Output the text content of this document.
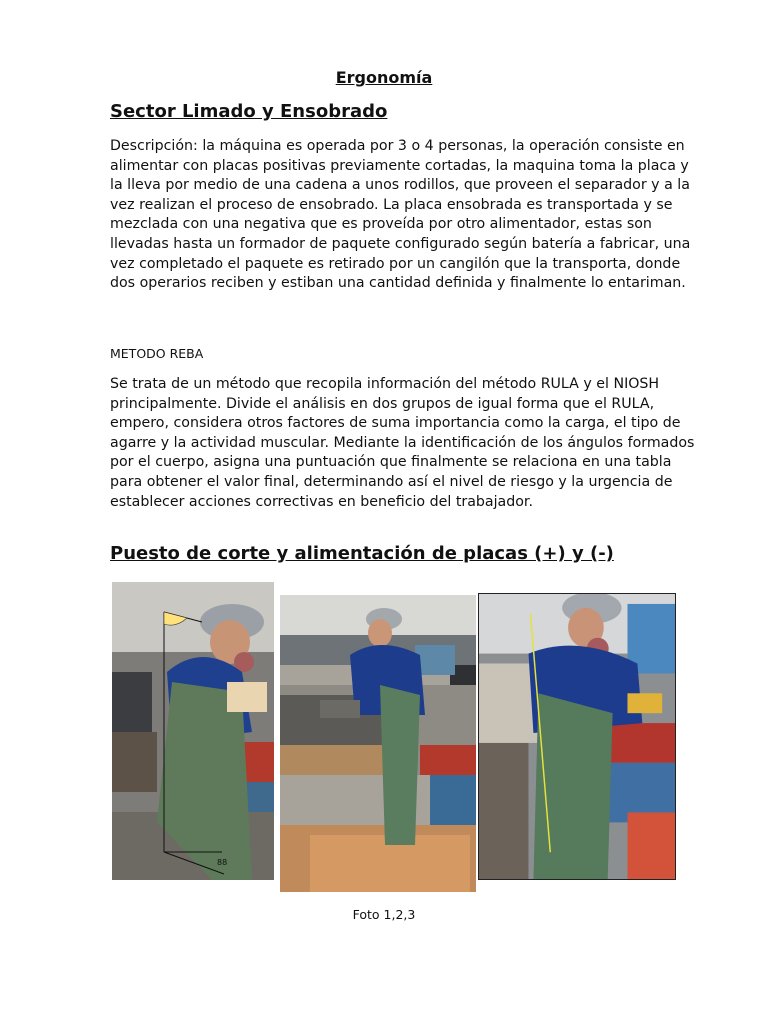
Ergonomía
Sector Limado y Ensobrado

Descripción: la máquina es operada por 3 o 4 personas, la operación consiste en alimentar con placas positivas previamente cortadas, la maquina toma la placa y la lleva por medio de una cadena a unos rodillos, que proveen el separador y a la vez realizan el proceso de ensobrado. La placa ensobrada es transportada y se mezclada con una negativa que es proveída por otro alimentador, estas son llevadas hasta un formador de paquete configurado según batería a fabricar, una vez completado el paquete es retirado por un cangilón que la transporta, donde dos operarios reciben y estiban una cantidad definida y finalmente lo entariman.

METODO REBA

Se trata de un método que recopila información del método RULA y el NIOSH principalmente. Divide el análisis en dos grupos de igual forma que el RULA, empero, considera otros factores de suma importancia como la carga, el tipo de agarre y la actividad muscular. Mediante la identificación de los ángulos formados por el cuerpo, asigna una puntuación que finalmente se relaciona en una tabla para obtener el valor final, determinando así el nivel de riesgo y la urgencia de establecer acciones correctivas en beneficio del trabajador.

Puesto de corte y alimentación de placas (+) y (-)
88
Foto 1,2,3
